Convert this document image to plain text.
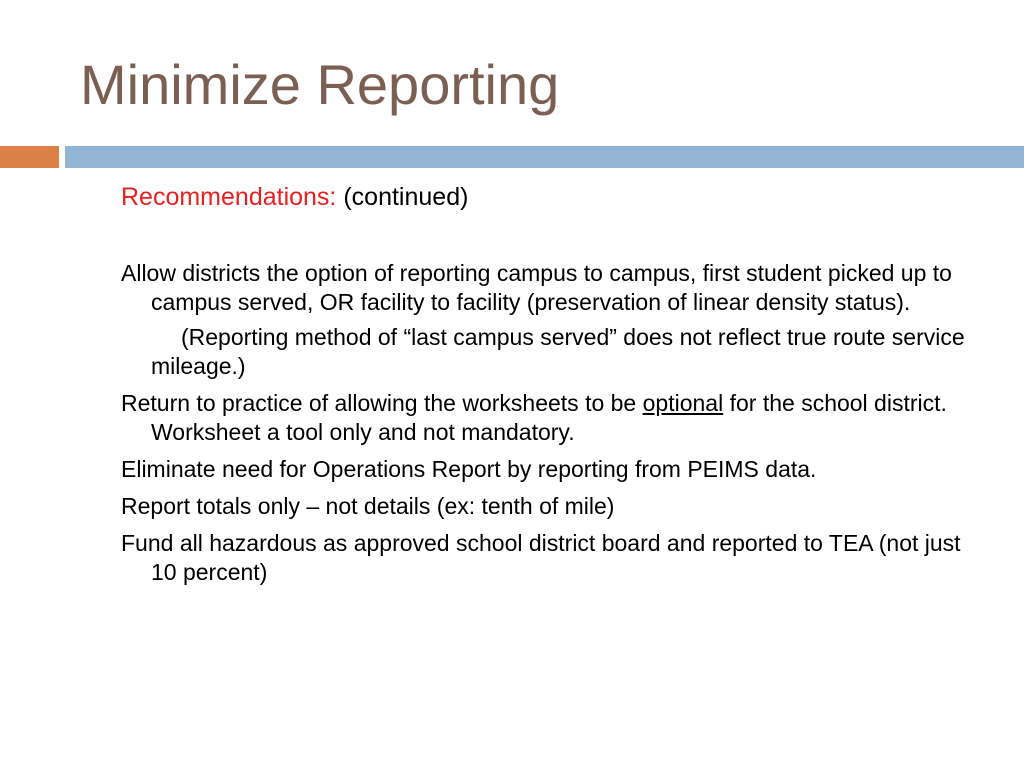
Minimize Reporting

Recommendations: (continued)

Allow districts the option of reporting campus to campus, first student picked up to campus served, OR facility to facility (preservation of linear density status).

(Reporting method of “last campus served” does not reflect true route service mileage.)

Return to practice of allowing the worksheets to be optional for the school district. Worksheet a tool only and not mandatory.

Eliminate need for Operations Report by reporting from PEIMS data.

Report totals only – not details (ex: tenth of mile)

Fund all hazardous as approved school district board and reported to TEA (not just 10 percent)
